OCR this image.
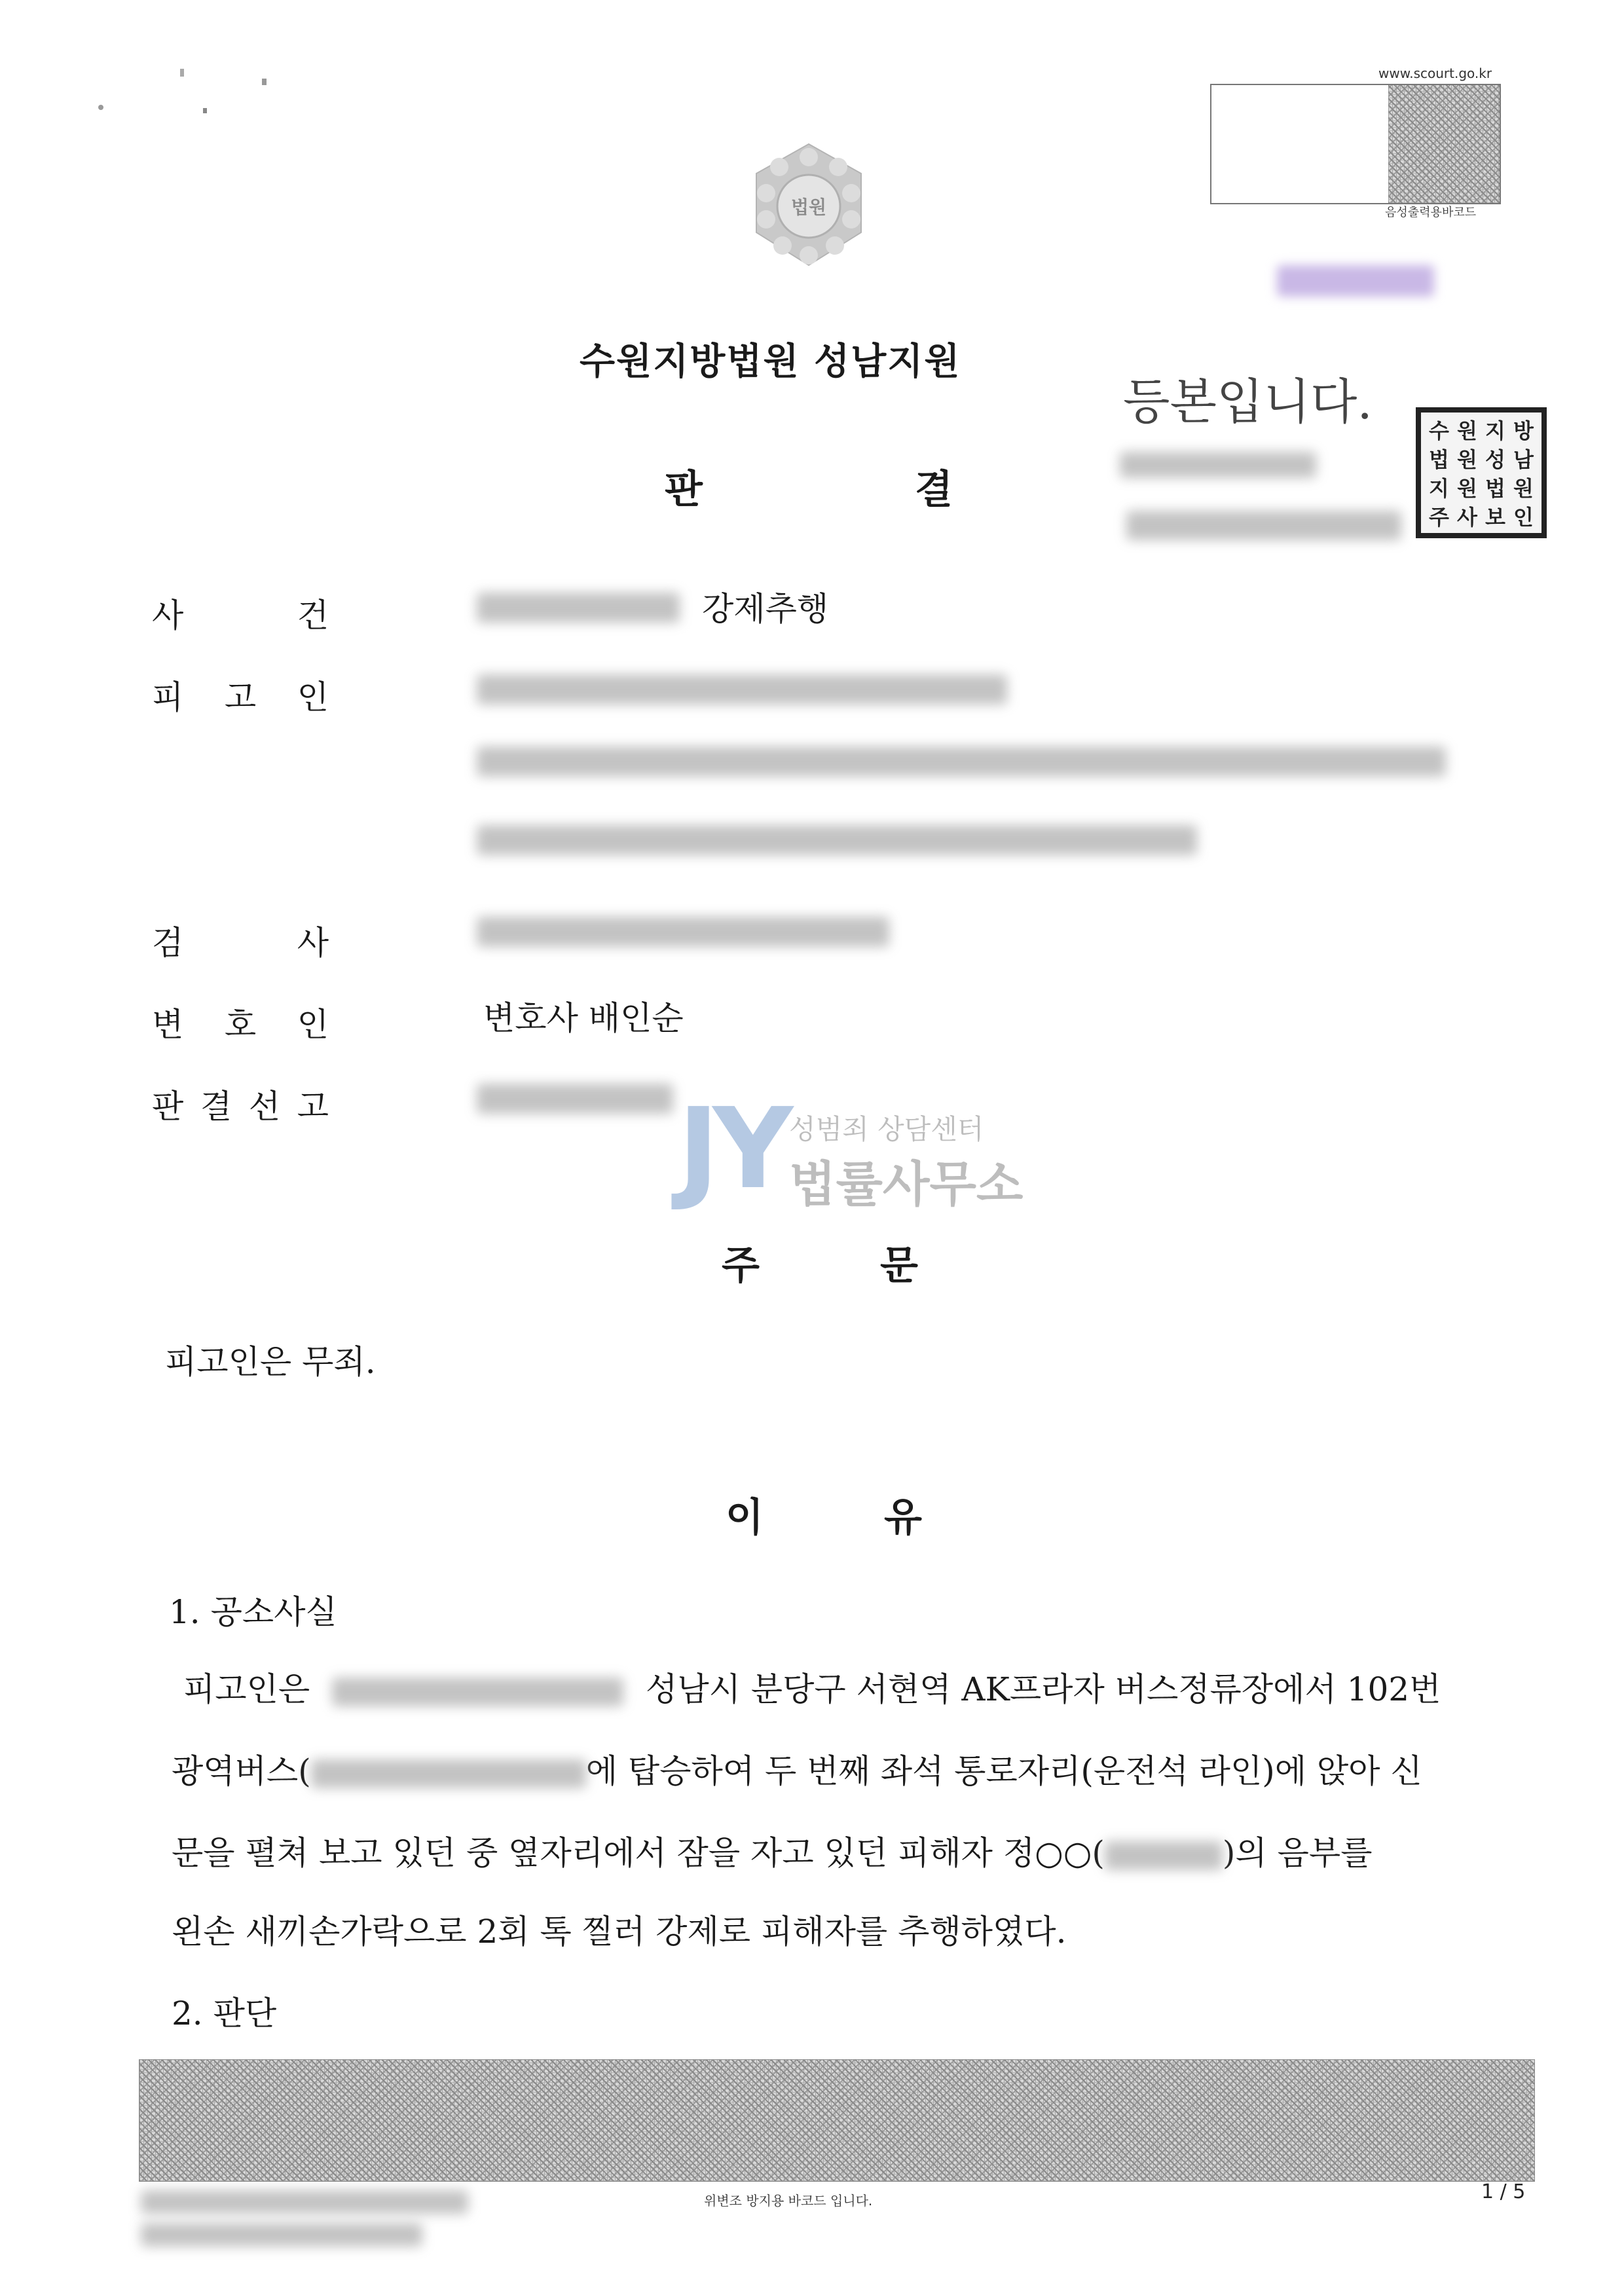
www.scourt.go.kr
음성출력용바코드
법원
수원지방법원 성남지원
등본입니다.
수 원 지 방
법 원 성 남
지 원 법 원
주 사 보 인
판	결
사	건	강제추행
피 고 인
검	사
변 호 인	변호사 배인순
판 결 선 고	JY 성범죄 상담센터
법률사무소
주	문
피고인은 무죄.
이	유
1. 공소사실
피고인은	성남시 분당구 서현역 AK프라자 버스정류장에서 102번
광역버스(	에 탑승하여 두 번째 좌석 통로자리(운전석 라인)에 앉아 신
문을 펼쳐 보고 있던 중 옆자리에서 잠을 자고 있던 피해자 정○○(	)의 음부를
왼손 새끼손가락으로 2회 톡 찔러 강제로 피해자를 추행하였다.
2. 판단
위변조 방지용 바코드 입니다.	1 / 5
